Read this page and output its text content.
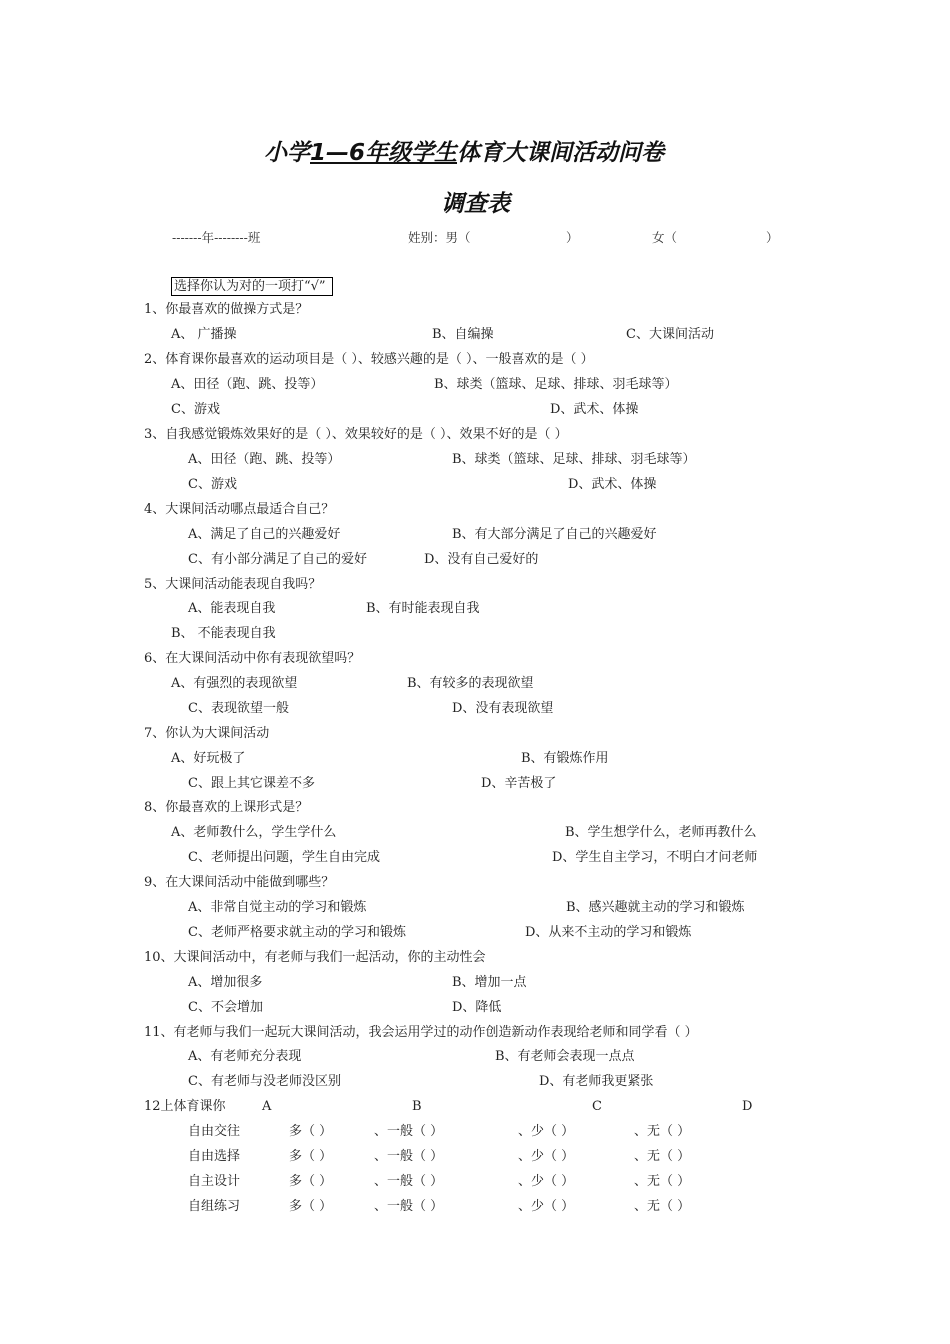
小学1—6年级学生体育大课间活动问卷
调查表
-------年--------班	姓别：男（	）	女（	）
选择你认为对的一项打“√”
1、你最喜欢的做操方式是？
A、 广播操	B、自编操	C、大课间活动
2、体育课你最喜欢的运动项目是（ ）、较感兴趣的是（ ）、一般喜欢的是（ ）
A、田径（跑、跳、投等）	B、球类（篮球、足球、排球、羽毛球等）
C、游戏	D、武术、体操
3、自我感觉锻炼效果好的是（ ）、效果较好的是（ ）、效果不好的是（ ）
A、田径（跑、跳、投等）	B、球类（篮球、足球、排球、羽毛球等）
C、游戏	D、武术、体操
4、大课间活动哪点最适合自己？
A、满足了自己的兴趣爱好	B、有大部分满足了自己的兴趣爱好
C、有小部分满足了自己的爱好	D、没有自己爱好的
5、大课间活动能表现自我吗？
A、能表现自我	B、有时能表现自我
B、 不能表现自我
6、在大课间活动中你有表现欲望吗？
A、有强烈的表现欲望	B、有较多的表现欲望
C、表现欲望一般	D、没有表现欲望
7、你认为大课间活动
A、好玩极了	B、有锻炼作用
C、跟上其它课差不多	D、辛苦极了
8、你最喜欢的上课形式是？
A、老师教什么，学生学什么	B、学生想学什么，老师再教什么
C、老师提出问题，学生自由完成	D、学生自主学习，不明白才问老师
9、在大课间活动中能做到哪些？
A、非常自觉主动的学习和锻炼	B、感兴趣就主动的学习和锻炼
C、老师严格要求就主动的学习和锻炼	D、从来不主动的学习和锻炼
10、大课间活动中，有老师与我们一起活动，你的主动性会
A、增加很多	B、增加一点
C、不会增加	D、降低
11、有老师与我们一起玩大课间活动，我会运用学过的动作创造新动作表现给老师和同学看（ ）
A、有老师充分表现	B、有老师会表现一点点
C、有老师与没老师没区别	D、有老师我更紧张
12上体育课你	A	B	C	D
自由交往	多（ ）	、一般（ ）	、少（ ）	、无（ ）
自由选择	多（ ）	、一般（ ）	、少（ ）	、无（ ）
自主设计	多（ ）	、一般（ ）	、少（ ）	、无（ ）
自组练习	多（ ）	、一般（ ）	、少（ ）	、无（ ）
